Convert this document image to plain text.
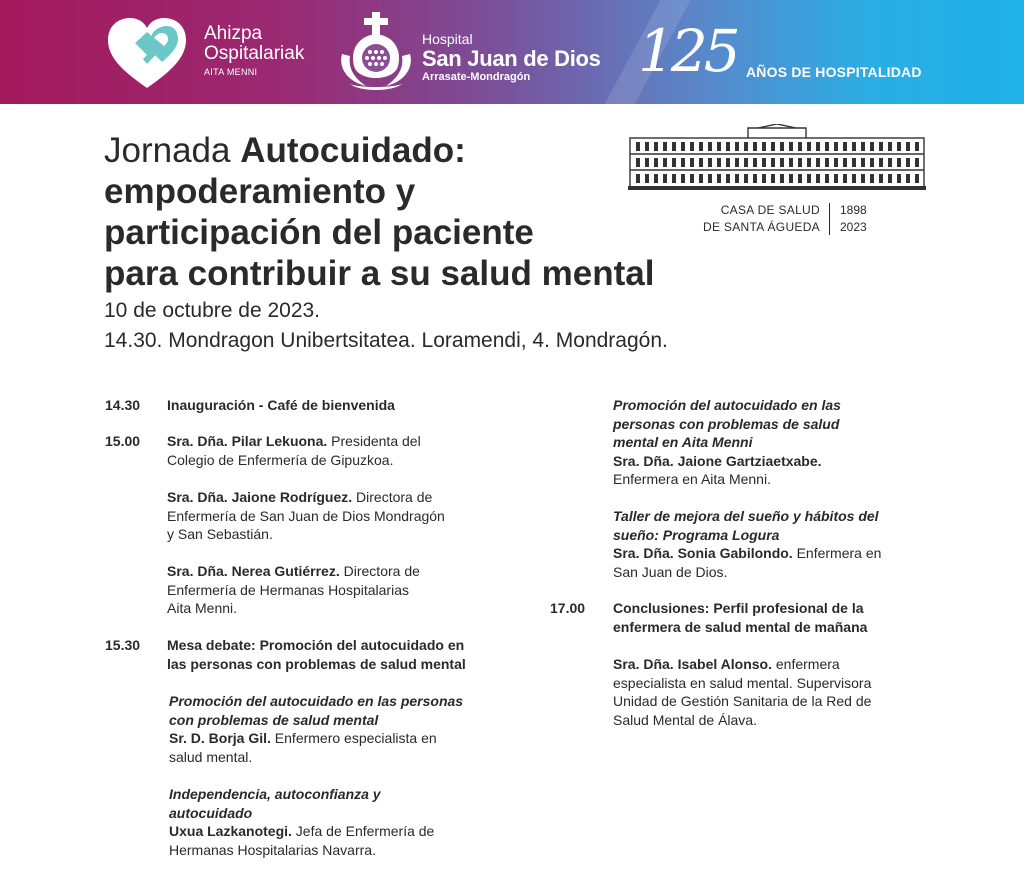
Ahizpa
Ospitalariak
AITA MENNI
Hospital
San Juan de Dios
Arrasate-Mondragón	125 AÑOS DE HOSPITALIDAD
Jornada Autocuidado:
empoderamiento y
participación del paciente
para contribuir a su salud mental
10 de octubre de 2023.
14.30. Mondragon Unibertsitatea. Loramendi, 4. Mondragón.
CASA DE SALUD
DE SANTA ÁGUEDA
1898
2023
14.30 Inauguración - Café de bienvenida

15.00 Sra. Dña. Pilar Lekuona. Presidenta del

Colegio de Enfermería de Gipuzkoa.

Sra. Dña. Jaione Rodríguez. Directora de

Enfermería de San Juan de Dios Mondragón

y San Sebastián.

Sra. Dña. Nerea Gutiérrez. Directora de

Enfermería de Hermanas Hospitalarias

Aita Menni.

15.30 Mesa debate: Promoción del autocuidado en

las personas con problemas de salud mental

Promoción del autocuidado en las personas

con problemas de salud mental

Sr. D. Borja Gil. Enfermero especialista en

salud mental.

Independencia, autoconfianza y

autocuidado

Uxua Lazkanotegi. Jefa de Enfermería de

Hermanas Hospitalarias Navarra.

Promoción del autocuidado en las

personas con problemas de salud

mental en Aita Menni

Sra. Dña. Jaione Gartziaetxabe.

Enfermera en Aita Menni.

Taller de mejora del sueño y hábitos del

sueño: Programa Logura

Sra. Dña. Sonia Gabilondo. Enfermera en

San Juan de Dios.

17.00 Conclusiones: Perfil profesional de la

enfermera de salud mental de mañana

Sra. Dña. Isabel Alonso. enfermera

especialista en salud mental. Supervisora

Unidad de Gestión Sanitaria de la Red de

Salud Mental de Álava.
